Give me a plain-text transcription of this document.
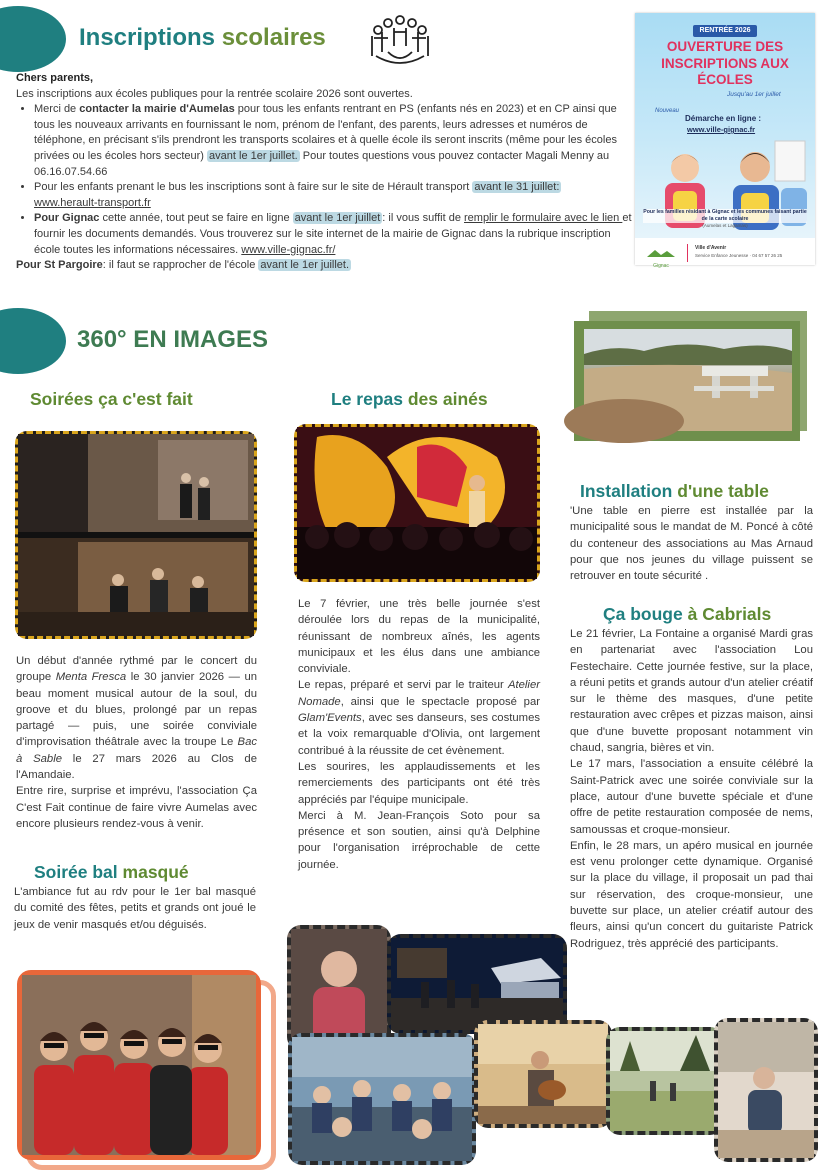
Inscriptions scolaires

Chers parents,

Les inscriptions aux écoles publiques pour la rentrée scolaire 2026 sont ouvertes.

• Merci de contacter la mairie d'Aumelas pour tous les enfants rentrant en PS (enfants nés en 2023) et en CP ainsi que tous les nouveaux arrivants en fournissant le nom, prénom de l'enfant, des parents, leurs adresses et numéros de téléphone, en précisant s'ils prendront les transports scolaires et à quelle école ils seront inscrits (même pour les écoles privées ou les écoles hors secteur) avant le 1er juillet. Pour toutes questions vous pouvez contacter Magali Menny au 06.16.07.54.66
• Pour les enfants prenant le bus les inscriptions sont à faire sur le site de Hérault transport avant le 31 juillet:
www.herault-transport.fr
• Pour Gignac cette année, tout peut se faire en ligne avant le 1er juillet : il vous suffit de remplir le formulaire avec le lien et fournir les documents demandés. Vous trouverez sur le site internet de la mairie de Gignac dans la rubrique inscription école toutes les informations nécessaires. www.ville-gignac.fr/

Pour St Pargoire: il faut se rapprocher de l'école avant le 1er juillet.

RENTRÉE 2026
OUVERTURE DES INSCRIPTIONS AUX ÉCOLES
Jusqu'au 1er juillet
Nouveau
Démarche en ligne :
www.ville-gignac.fr
Pour les familles résidant à Gignac et les communes faisant partie de la carte scolaire
(Aumelas et Lagamas)
Gignac
Ville d'Avenir
Service Enfance Jeunesse · 04 67 57 26 25
360° EN IMAGES
Soirées ça c'est fait

Un début d'année rythmé par le concert du groupe Menta Fresca le 30 janvier 2026 — un beau moment musical autour de la soul, du groove et du blues, prolongé par un repas partagé — puis, une soirée conviviale d'improvisation théâtrale avec la troupe Le Bac à Sable le 27 mars 2026 au Clos de l'Amandaie.

Entre rire, surprise et imprévu, l'association Ça C'est Fait continue de faire vivre Aumelas avec encore plusieurs rendez-vous à venir.

Soirée bal masqué
L'ambiance fut au rdv pour le 1er bal masqué du comité des fêtes, petits et grands ont joué le jeux de venir masqués et/ou déguisés.
Le repas des ainés

Le 7 février, une très belle journée s'est déroulée lors du repas de la municipalité, réunissant de nombreux aînés, les agents municipaux et les élus dans une ambiance conviviale.

Le repas, préparé et servi par le traiteur Atelier Nomade, ainsi que le spectacle proposé par Glam'Events, avec ses danseurs, ses costumes et la voix remarquable d'Olivia, ont largement contribué à la réussite de cet évènement.

Les sourires, les applaudissements et les remerciements des participants ont été très appréciés par l'équipe municipale.

Merci à M. Jean-François Soto pour sa présence et son soutien, ainsi qu'à Delphine pour l'organisation irréprochable de cette journée.

Installation d'une table
'Une table en pierre est installée par la municipalité sous le mandat de M. Poncé à côté du conteneur des associations au Mas Arnaud pour que nos jeunes du village puissent se retrouver en toute sécurité .
Ça bouge à Cabrials

Le 21 février, La Fontaine a organisé Mardi gras en partenariat avec l'association Lou Festechaire. Cette journée festive, sur la place, a réuni petits et grands autour d'un atelier créatif sur le thème des masques, d'une petite restauration avec crêpes et pizzas maison, ainsi que d'une buvette proposant notamment vin chaud, sangria, bières et vin.

Le 17 mars, l'association a ensuite célébré la Saint-Patrick avec une soirée conviviale sur la place, autour d'une buvette spéciale et d'une offre de petite restauration composée de nems, samoussas et croque-monsieur.

Enfin, le 28 mars, un apéro musical en journée est venu prolonger cette dynamique. Organisé sur la place du village, il proposait un pad thai sur réservation, des croque-monsieur, une buvette sur place, un atelier créatif autour des fleurs, ainsi qu'un concert du guitariste Patrick Rodriguez, très apprécié des participants.
